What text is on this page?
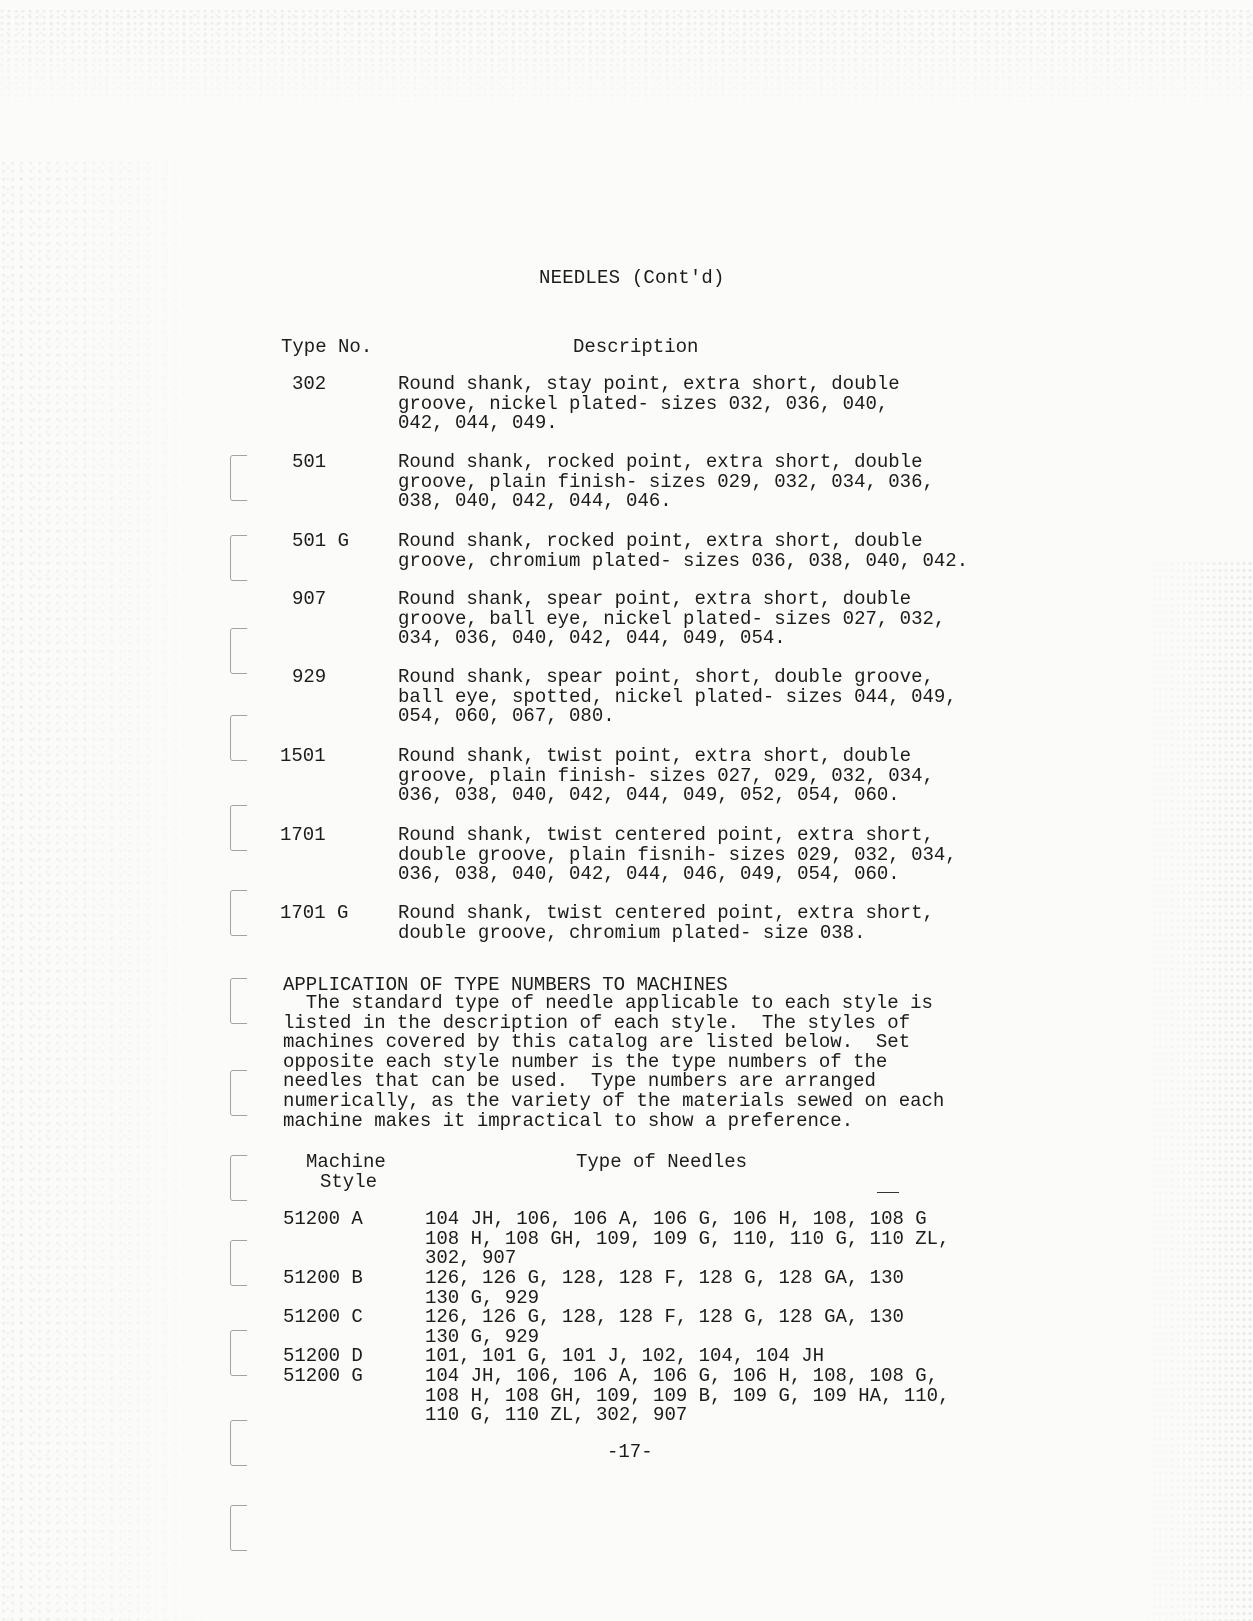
NEEDLES (Cont'd)
Type No.	Description
302	Round shank, stay point, extra short, double
groove, nickel plated- sizes 032, 036, 040,
042, 044, 049.
501	Round shank, rocked point, extra short, double
groove, plain finish- sizes 029, 032, 034, 036,
038, 040, 042, 044, 046.
501 G	Round shank, rocked point, extra short, double
groove, chromium plated- sizes 036, 038, 040, 042.
907	Round shank, spear point, extra short, double
groove, ball eye, nickel plated- sizes 027, 032,
034, 036, 040, 042, 044, 049, 054.
929	Round shank, spear point, short, double groove,
ball eye, spotted, nickel plated- sizes 044, 049,
054, 060, 067, 080.
1501	Round shank, twist point, extra short, double
groove, plain finish- sizes 027, 029, 032, 034,
036, 038, 040, 042, 044, 049, 052, 054, 060.
1701	Round shank, twist centered point, extra short,
double groove, plain fisnih- sizes 029, 032, 034,
036, 038, 040, 042, 044, 046, 049, 054, 060.
1701 G	Round shank, twist centered point, extra short,
double groove, chromium plated- size 038.
APPLICATION OF TYPE NUMBERS TO MACHINES
The standard type of needle applicable to each style is
listed in the description of each style.  The styles of
machines covered by this catalog are listed below.  Set
opposite each style number is the type numbers of the
needles that can be used.  Type numbers are arranged
numerically, as the variety of the materials sewed on each
machine makes it impractical to show a preference.
Machine
Style
Type of Needles
51200 A	104 JH, 106, 106 A, 106 G, 106 H, 108, 108 G
108 H, 108 GH, 109, 109 G, 110, 110 G, 110 ZL,
302, 907
51200 B	126, 126 G, 128, 128 F, 128 G, 128 GA, 130
130 G, 929
51200 C	126, 126 G, 128, 128 F, 128 G, 128 GA, 130
130 G, 929
51200 D	101, 101 G, 101 J, 102, 104, 104 JH
51200 G	104 JH, 106, 106 A, 106 G, 106 H, 108, 108 G,
108 H, 108 GH, 109, 109 B, 109 G, 109 HA, 110,
110 G, 110 ZL, 302, 907
-17-
